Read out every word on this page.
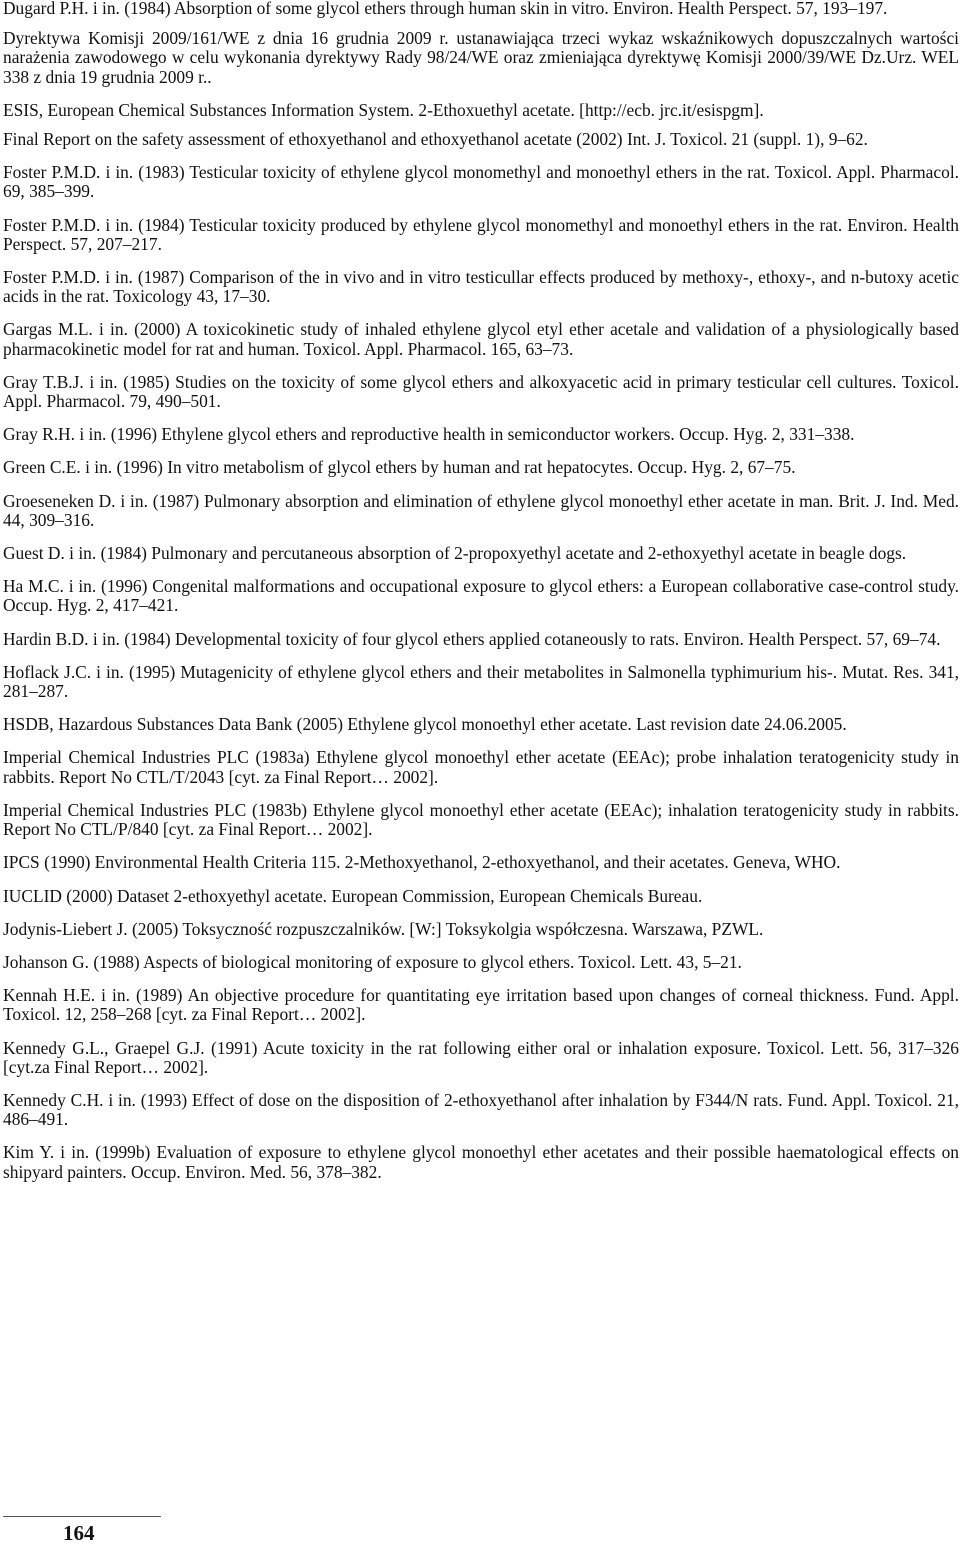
Dugard P.H. i in. (1984) Absorption of some glycol ethers through human skin in vitro. Environ. Health Perspect. 57, 193–197.

Dyrektywa Komisji 2009/161/WE z dnia 16 grudnia 2009 r. ustanawiająca trzeci wykaz wskaźnikowych dopuszczalnych wartości narażenia zawodowego w celu wykonania dyrektywy Rady 98/24/WE oraz zmieniająca dyrektywę Komisji 2000/39/WE Dz.Urz. WEL 338 z dnia 19 grudnia 2009 r..

ESIS, European Chemical Substances Information System. 2-Ethoxuethyl acetate. [http://ecb. jrc.it/esispgm].

Final Report on the safety assessment of ethoxyethanol and ethoxyethanol acetate (2002) Int. J. Toxicol. 21 (suppl. 1), 9–62.

Foster P.M.D. i in. (1983) Testicular toxicity of ethylene glycol monomethyl and monoethyl ethers in the rat. Toxicol. Appl. Pharmacol. 69, 385–399.

Foster P.M.D. i in. (1984) Testicular toxicity produced by ethylene glycol monomethyl and monoethyl ethers in the rat. Environ. Health Perspect. 57, 207–217.

Foster P.M.D. i in. (1987) Comparison of the in vivo and in vitro testicullar effects produced by methoxy-, ethoxy-, and n-butoxy acetic acids in the rat. Toxicology 43, 17–30.

Gargas M.L. i in. (2000) A toxicokinetic study of inhaled ethylene glycol etyl ether acetale and validation of a physiologically based pharmacokinetic model for rat and human. Toxicol. Appl. Pharmacol. 165, 63–73.

Gray T.B.J. i in. (1985) Studies on the toxicity of some glycol ethers and alkoxyacetic acid in primary testicular cell cultures. Toxicol. Appl. Pharmacol. 79, 490–501.

Gray R.H. i in. (1996) Ethylene glycol ethers and reproductive health in semiconductor workers. Occup. Hyg. 2, 331–338.

Green C.E. i in. (1996) In vitro metabolism of glycol ethers by human and rat hepatocytes. Occup. Hyg. 2, 67–75.

Groeseneken D. i in. (1987) Pulmonary absorption and elimination of ethylene glycol monoethyl ether acetate in man. Brit. J. Ind. Med. 44, 309–316.

Guest D. i in. (1984) Pulmonary and percutaneous absorption of 2-propoxyethyl acetate and 2-ethoxyethyl acetate in beagle dogs.

Ha M.C. i in. (1996) Congenital malformations and occupational exposure to glycol ethers: a European collaborative case-control study. Occup. Hyg. 2, 417–421.

Hardin B.D. i in. (1984) Developmental toxicity of four glycol ethers applied cotaneously to rats. Environ. Health Perspect. 57, 69–74.

Hoflack J.C. i in. (1995) Mutagenicity of ethylene glycol ethers and their metabolites in Salmonella typhimurium his-. Mutat. Res. 341, 281–287.

HSDB, Hazardous Substances Data Bank (2005) Ethylene glycol monoethyl ether acetate. Last revision date 24.06.2005.

Imperial Chemical Industries PLC (1983a) Ethylene glycol monoethyl ether acetate (EEAc); probe inhalation teratogenicity study in rabbits. Report No CTL/T/2043 [cyt. za Final Report… 2002].

Imperial Chemical Industries PLC (1983b) Ethylene glycol monoethyl ether acetate (EEAc); inhalation teratogenicity study in rabbits. Report No CTL/P/840 [cyt. za Final Report… 2002].

IPCS (1990) Environmental Health Criteria 115. 2-Methoxyethanol, 2-ethoxyethanol, and their acetates. Geneva, WHO.

IUCLID (2000) Dataset 2-ethoxyethyl acetate. European Commission, European Chemicals Bureau.

Jodynis-Liebert J. (2005) Toksyczność rozpuszczalników. [W:] Toksykolgia współczesna. Warszawa, PZWL.

Johanson G. (1988) Aspects of biological monitoring of exposure to glycol ethers. Toxicol. Lett. 43, 5–21.

Kennah H.E. i in. (1989) An objective procedure for quantitating eye irritation based upon changes of corneal thickness. Fund. Appl. Toxicol. 12, 258–268 [cyt. za Final Report… 2002].

Kennedy G.L., Graepel G.J. (1991) Acute toxicity in the rat following either oral or inhalation exposure. Toxicol. Lett. 56, 317–326 [cyt.za Final Report… 2002].

Kennedy C.H. i in. (1993) Effect of dose on the disposition of 2-ethoxyethanol after inhalation by F344/N rats. Fund. Appl. Toxicol. 21, 486–491.

Kim Y. i in. (1999b) Evaluation of exposure to ethylene glycol monoethyl ether acetates and their possible haematological effects on shipyard painters. Occup. Environ. Med. 56, 378–382.

164
